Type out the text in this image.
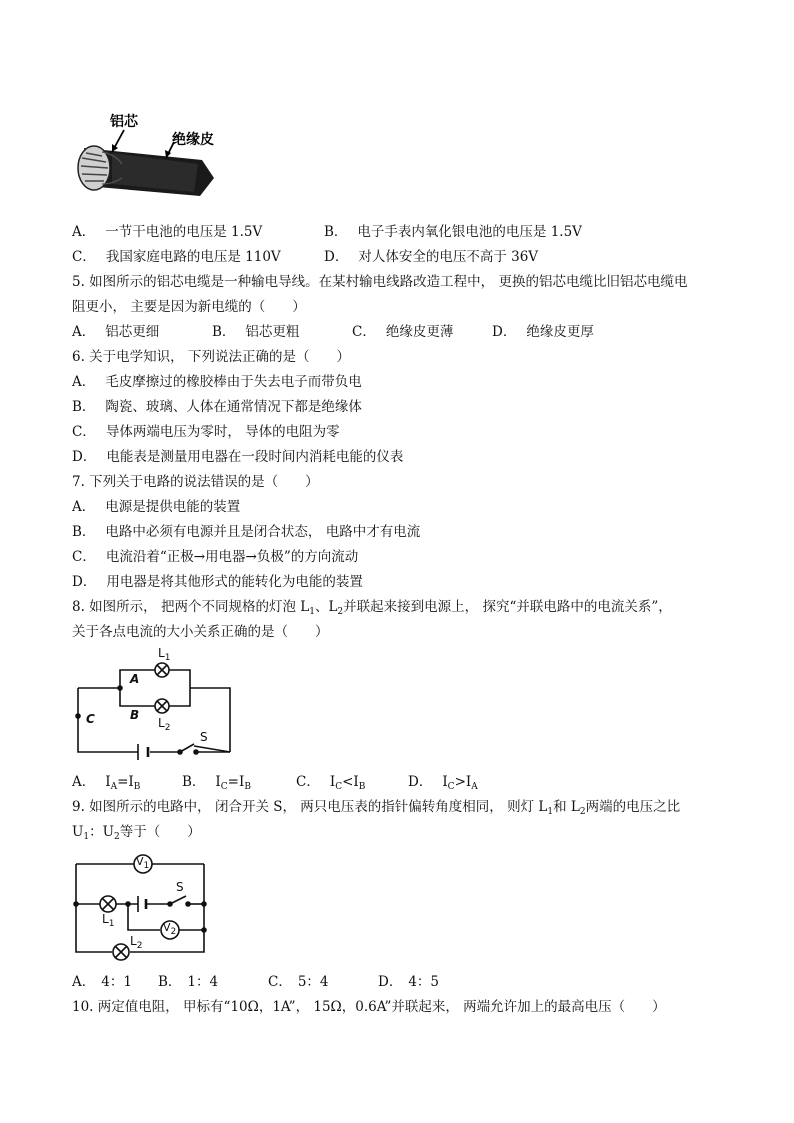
铝芯
绝缘皮
A． 一节干电池的电压是 1.5V	B． 电子手表内氧化银电池的电压是 1.5V
C． 我国家庭电路的电压是 110V	D． 对人体安全的电压不高于 36V
5. 如图所示的铝芯电缆是一种输电导线。在某村输电线路改造工程中， 更换的铝芯电缆比旧铝芯电缆电
阻更小， 主要是因为新电缆的（　　）
A． 铝芯更细	B． 铝芯更粗	C． 绝缘皮更薄	D． 绝缘皮更厚
6. 关于电学知识， 下列说法正确的是（　　）
A． 毛皮摩擦过的橡胶棒由于失去电子而带负电
B． 陶瓷、玻璃、人体在通常情况下都是绝缘体
C． 导体两端电压为零时， 导体的电阻为零
D． 电能表是测量用电器在一段时间内消耗电能的仪表
7. 下列关于电路的说法错误的是（　　）
A． 电源是提供电能的装置
B． 电路中必须有电源并且是闭合状态， 电路中才有电流
C． 电流沿着“正极→用电器→负极”的方向流动
D． 用电器是将其他形式的能转化为电能的装置
8. 如图所示， 把两个不同规格的灯泡 $L_1$、$L_2$并联起来接到电源上， 探究“并联电路中的电流关系”，
关于各点电流的大小关系正确的是（　　）
$L_1$
$L_2$
A
B
C
S
A． $I_A=I_B$	B． $I_C=I_B$	C． $I_C<I_B$	D． $I_C>I_A$
9. 如图所示的电路中， 闭合开关 S， 两只电压表的指针偏转角度相同， 则灯 $L_1$和 $L_2$两端的电压之比
$U_1$：$U_2$等于（　　）
$V_1$
$V_2$
$L_1$
$L_2$
S
A． 4：1 B． 1：4	C． 5：4	D． 4：5
10. 两定值电阻， 甲标有“10Ω，1A”， 15Ω，0.6A”并联起来， 两端允许加上的最高电压（　　）
